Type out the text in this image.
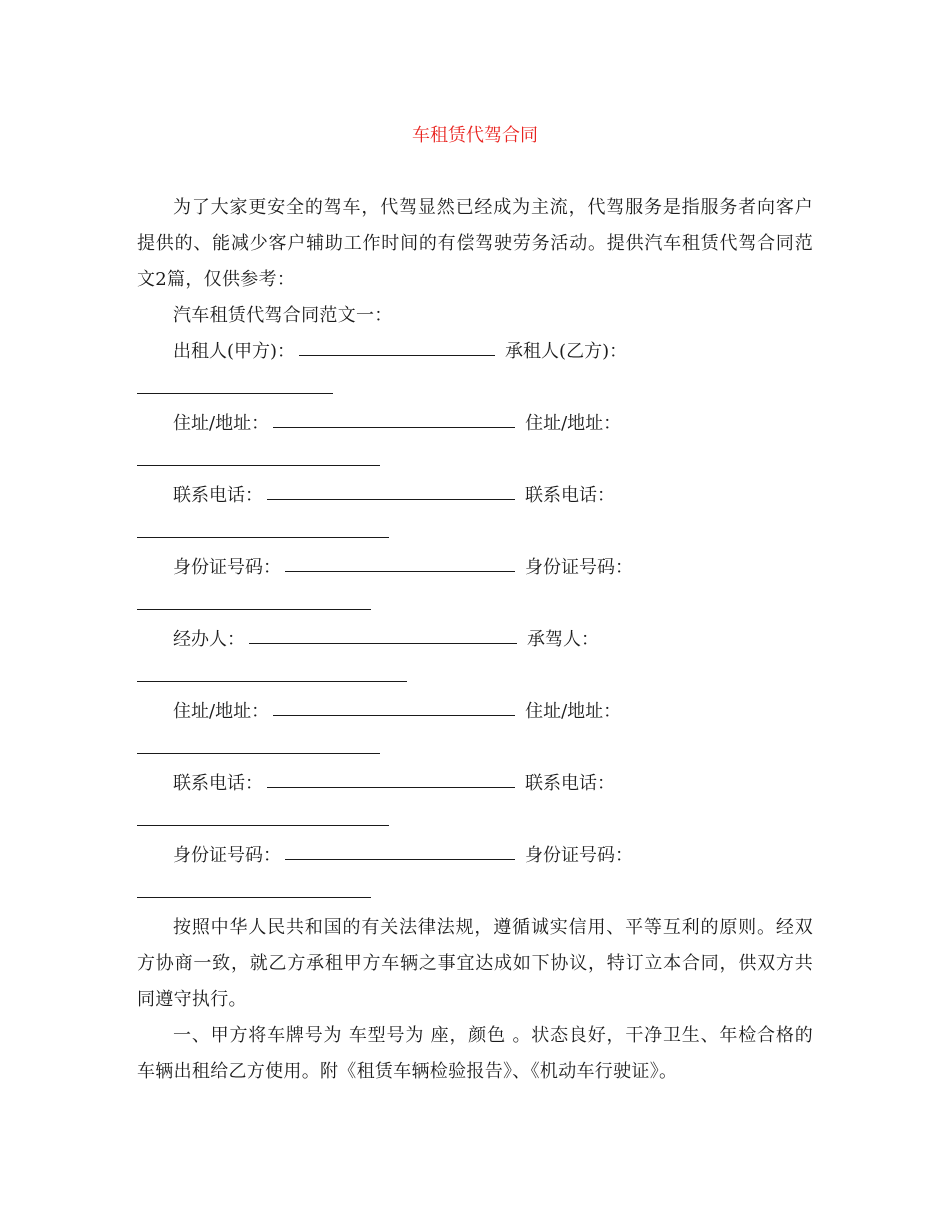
车租赁代驾合同

为了大家更安全的驾车，代驾显然已经成为主流，代驾服务是指服务者向客户提供的、能减少客户辅助工作时间的有偿驾驶劳务活动。提供汽车租赁代驾合同范文2篇，仅供参考：

汽车租赁代驾合同范文一：

出租人(甲方)：	承租人(乙方)：

住址/地址：	住址/地址：

联系电话：	联系电话：

身份证号码：	身份证号码：

经办人：	承驾人：

住址/地址：	住址/地址：

联系电话：	联系电话：

身份证号码：	身份证号码：

按照中华人民共和国的有关法律法规，遵循诚实信用、平等互利的原则。经双方协商一致，就乙方承租甲方车辆之事宜达成如下协议，特订立本合同，供双方共同遵守执行。

一、甲方将车牌号为 车型号为 座，颜色 。状态良好，干净卫生、年检合格的车辆出租给乙方使用。附《租赁车辆检验报告》、《机动车行驶证》。
